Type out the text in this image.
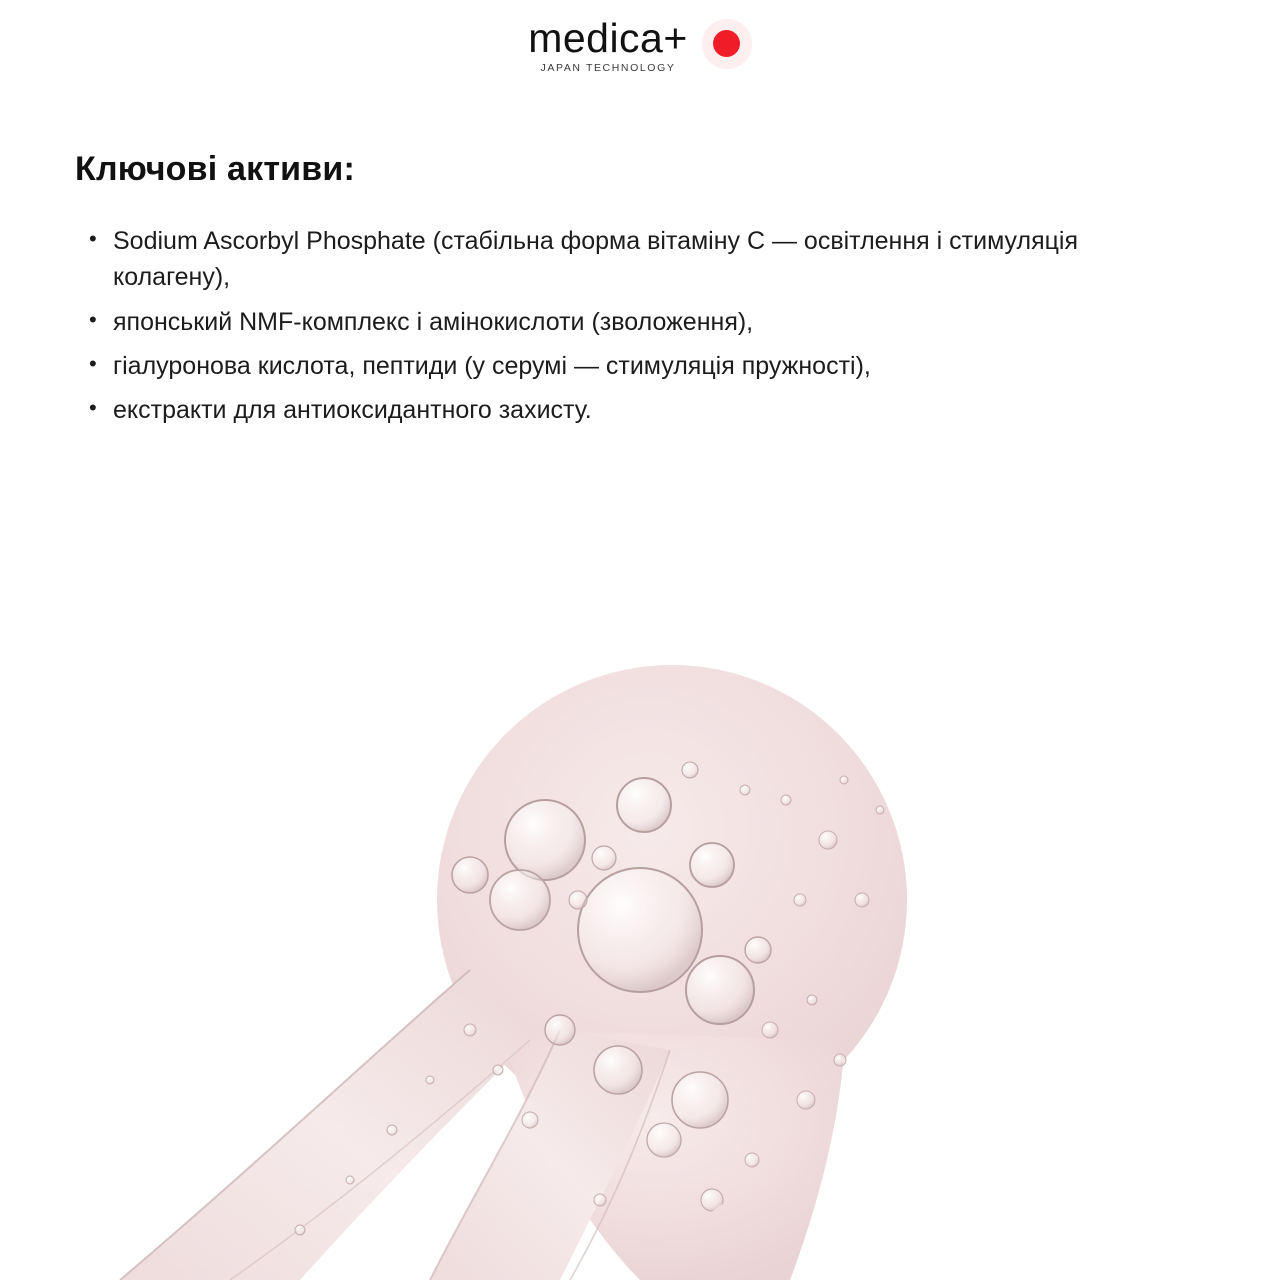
medica+
JAPAN TECHNOLOGY
Ключові активи:
• Sodium Ascorbyl Phosphate (стабільна форма вітаміну C — освітлення і стимуляція колагену),
• японський NMF-комплекс і амінокислоти (зволоження),
• гіалуронова кислота, пептиди (у серумі — стимуляція пружності),
• екстракти для антиоксидантного захисту.
